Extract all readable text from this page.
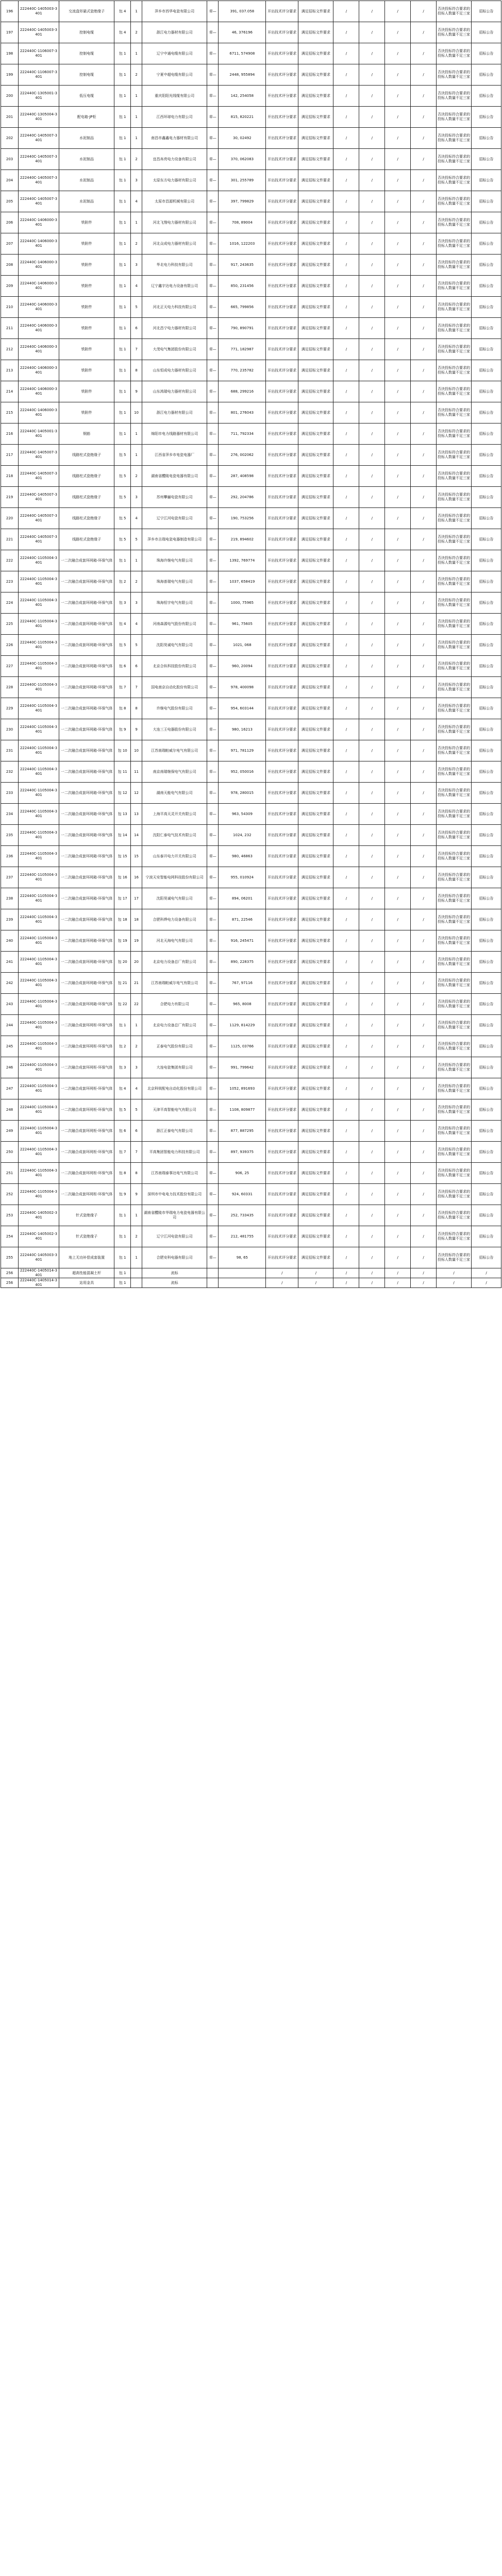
196	222440C-1405003-3401	交流盘形悬式瓷绝缘子	包 4	1	萍乡市西华电瓷有限公司	草—	391, 037.058	开出技术评分要求	满足招标文件要求	/	/	/	/	否決投标符合要求的投标人数量不足三家	招标公告
197	222440C-1405003-3401	控制电缆	包 4	2	浙江电力器材有限公司	草—	46, 376196	开出技术评分要求	满足招标文件要求	/	/	/	/	否決投标符合要求的投标人数量不足三家	招标公告
198	222440C-1106007-3401	控制电缆	包 1	1	辽宁中通电缆有限公司	草—	6711, 574908	开出技术评分要求	满足招标文件要求	/	/	/	/	否決投标符合要求的投标人数量不足三家	招标公告
199	222440C-1106007-3401	控制电缆	包 1	2	宁夏中超电缆有限公司	草—	2448, 955894	开出技术评分要求	满足招标文件要求	/	/	/	/	否決投标符合要求的投标人数量不足三家	招标公告
200	222440C-1305001-3401	低压电缆	包 1	1	重庆阳阳光线缆有限公司	草—	142, 254058	开出技术评分要求	满足招标文件要求	/	/	/	/	否決投标符合要求的投标人数量不足三家	招标公告
201	222440C-1305004-3401	配电箱-JP柜	包 1	1	江西环球电力有限公司	草—	815, 820221	开出技术评分要求	满足招标文件要求	/	/	/	/	否決投标符合要求的投标人数量不足三家	招标公告
202	222440C-1405007-3401	水泥制品	包 1	1	南昌市鑫鑫电力器材有限公司	草—	30, 02492	开出技术评分要求	满足招标文件要求	/	/	/	/	否決投标符合要求的投标人数量不足三家	招标公告
203	222440C-1405007-3401	水泥制品	包 1	2	宜昌帛亮电力设备有限公司	草—	370, 062083	开出技术评分要求	满足招标文件要求	/	/	/	/	否決投标符合要求的投标人数量不足三家	招标公告
204	222440C-1405007-3401	水泥制品	包 1	3	太原东方电力器材有限公司	草—	301, 255789	开出技术评分要求	满足招标文件要求	/	/	/	/	否決投标符合要求的投标人数量不足三家	招标公告
205	222440C-1405007-3401	水泥制品	包 1	4	太原市昌源机械有限公司	草—	397, 799829	开出技术评分要求	满足招标文件要求	/	/	/	/	否決投标符合要求的投标人数量不足三家	招标公告
206	222440C-1406000-3401	铁附件	包 1	1	河北飞翔电力器材有限公司	草—	708, 89004	开出技术评分要求	满足招标文件要求	/	/	/	/	否決投标符合要求的投标人数量不足三家	招标公告
207	222440C-1406000-3401	铁附件	包 1	2	河北众成电力器材有限公司	草—	1016, 122203	开出技术评分要求	满足招标文件要求	/	/	/	/	否決投标符合要求的投标人数量不足三家	招标公告
208	222440C-1406000-3401	铁附件	包 1	3	华北电力科技有限公司	草—	917, 243635	开出技术评分要求	满足招标文件要求	/	/	/	/	否決投标符合要求的投标人数量不足三家	招标公告
209	222440C-1406000-3401	铁附件	包 1	4	辽宁鑫宇达电力设备有限公司	草—	850, 231456	开出技术评分要求	满足招标文件要求	/	/	/	/	否決投标符合要求的投标人数量不足三家	招标公告
210	222440C-1406000-3401	铁附件	包 1	5	河北正天电力科技有限公司	草—	665, 799856	开出技术评分要求	满足招标文件要求	/	/	/	/	否決投标符合要求的投标人数量不足三家	招标公告
211	222440C-1406000-3401	铁附件	包 1	6	河北昌宁电力器材有限公司	草—	790, 890791	开出技术评分要求	满足招标文件要求	/	/	/	/	否決投标符合要求的投标人数量不足三家	招标公告
212	222440C-1406000-3401	铁附件	包 1	7	大茂电气集团股份有限公司	草—	771, 182987	开出技术评分要求	满足招标文件要求	/	/	/	/	否決投标符合要求的投标人数量不足三家	招标公告
213	222440C-1406000-3401	铁附件	包 1	8	山东恒成电力器材有限公司	草—	770, 235782	开出技术评分要求	满足招标文件要求	/	/	/	/	否決投标符合要求的投标人数量不足三家	招标公告
214	222440C-1406000-3401	铁附件	包 1	9	山东鸿瑞电力器材有限公司	草—	688, 299216	开出技术评分要求	满足招标文件要求	/	/	/	/	否決投标符合要求的投标人数量不足三家	招标公告
215	222440C-1406000-3401	铁附件	包 1	10	浙江电力器材有限公司	草—	801, 276043	开出技术评分要求	满足招标文件要求	/	/	/	/	否決投标符合要求的投标人数量不足三家	招标公告
216	222440C-1405001-3401	钢筋	包 1	1	绵阳市电力线路器材有限公司	草—	711, 792334	开出技术评分要求	满足招标文件要求	/	/	/	/	否決投标符合要求的投标人数量不足三家	招标公告
217	222440C-1405007-3401	线路柱式瓷绝缘子	包 5	1	江西省萍乡市电瓷电器厂	草—	276, 002062	开出技术评分要求	满足招标文件要求	/	/	/	/	否決投标符合要求的投标人数量不足三家	招标公告
218	222440C-1405007-3401	线路柱式瓷绝缘子	包 5	2	湖南省醴陵电瓷电器有限公司	草—	287, 408598	开出技术评分要求	满足招标文件要求	/	/	/	/	否決投标符合要求的投标人数量不足三家	招标公告
219	222440C-1405007-3401	线路柱式瓷绝缘子	包 5	3	苏州攀骊电瓷有限公司	草—	292, 204786	开出技术评分要求	满足招标文件要求	/	/	/	/	否決投标符合要求的投标人数量不足三家	招标公告
220	222440C-1405007-3401	线路柱式瓷绝缘子	包 5	4	辽宁江河电瓷有限公司	草—	190, 753256	开出技术评分要求	满足招标文件要求	/	/	/	/	否決投标符合要求的投标人数量不足三家	招标公告
221	222440C-1405007-3401	线路柱式瓷绝缘子	包 5	5	萍乡市吉瑞电瓷电器制造有限公司	草—	219, 894602	开出技术评分要求	满足招标文件要求	/	/	/	/	否決投标符合要求的投标人数量不足三家	招标公告
222	222440C-1105004-3401	一二次融合成套环网箱-环保气体	包 1	1	珠海许继电气有限公司	草—	1392, 769774	开出技术评分要求	满足招标文件要求	/	/	/	/	否決投标符合要求的投标人数量不足三家	招标公告
223	222440C-1105004-3401	一二次融合成套环网箱-环保气体	包 2	2	珠海普瑞电气有限公司	草—	1037, 658419	开出技术评分要求	满足招标文件要求	/	/	/	/	否決投标符合要求的投标人数量不足三家	招标公告
224	222440C-1105004-3401	一二次融合成套环网箱-环保气体	包 3	3	珠海恒宇电气有限公司	草—	1000, 75965	开出技术评分要求	满足招标文件要求	/	/	/	/	否決投标符合要求的投标人数量不足三家	招标公告
225	222440C-1105004-3401	一二次融合成套环网箱-环保气体	包 4	4	河南森源电气股份有限公司	草—	961, 75605	开出技术评分要求	满足招标文件要求	/	/	/	/	否決投标符合要求的投标人数量不足三家	招标公告
226	222440C-1105004-3401	一二次融合成套环网箱-环保气体	包 5	5	沈阳昊诚电气有限公司	草—	1021, 068	开出技术评分要求	满足招标文件要求	/	/	/	/	否決投标符合要求的投标人数量不足三家	招标公告
227	222440C-1105004-3401	一二次融合成套环网箱-环保气体	包 6	6	北京合纵科技股份有限公司	草—	960, 20094	开出技术评分要求	满足招标文件要求	/	/	/	/	否決投标符合要求的投标人数量不足三家	招标公告
228	222440C-1105004-3401	一二次融合成套环网箱-环保气体	包 7	7	国电南京自动化股份有限公司	草—	978, 400098	开出技术评分要求	满足招标文件要求	/	/	/	/	否決投标符合要求的投标人数量不足三家	招标公告
229	222440C-1105004-3401	一二次融合成套环网箱-环保气体	包 8	8	许继电气股份有限公司	草—	954, 603144	开出技术评分要求	满足招标文件要求	/	/	/	/	否決投标符合要求的投标人数量不足三家	招标公告
230	222440C-1105004-3401	一二次融合成套环网箱-环保气体	包 9	9	大连三王电器股份有限公司	草—	980, 16213	开出技术评分要求	满足招标文件要求	/	/	/	/	否決投标符合要求的投标人数量不足三家	招标公告
231	222440C-1105004-3401	一二次融合成套环网箱-环保气体	包 10	10	江苏南瑞帕威尔电气有限公司	草—	971, 781129	开出技术评分要求	满足招标文件要求	/	/	/	/	否決投标符合要求的投标人数量不足三家	招标公告
232	222440C-1105004-3401	一二次融合成套环网箱-环保气体	包 11	11	南京南瑞继保电气有限公司	草—	952, 050016	开出技术评分要求	满足招标文件要求	/	/	/	/	否決投标符合要求的投标人数量不足三家	招标公告
233	222440C-1105004-3401	一二次融合成套环网箱-环保气体	包 12	12	湖南天能电气有限公司	草—	978, 280015	开出技术评分要求	满足招标文件要求	/	/	/	/	否決投标符合要求的投标人数量不足三家	招标公告
234	222440C-1105004-3401	一二次融合成套环网箱-环保气体	包 13	13	上海平高天灵开关有限公司	草—	963, 54309	开出技术评分要求	满足招标文件要求	/	/	/	/	否決投标符合要求的投标人数量不足三家	招标公告
235	222440C-1105004-3401	一二次融合成套环网箱-环保气体	包 14	14	沈阳仁泰电气技术有限公司	草—	1024, 232	开出技术评分要求	满足招标文件要求	/	/	/	/	否決投标符合要求的投标人数量不足三家	招标公告
236	222440C-1105004-3401	一二次融合成套环网箱-环保气体	包 15	15	山东泰开电力开关有限公司	草—	980, 46863	开出技术评分要求	满足招标文件要求	/	/	/	/	否決投标符合要求的投标人数量不足三家	招标公告
237	222440C-1105004-3401	一二次融合成套环网箱-环保气体	包 16	16	宁波天安智能电网科技股份有限公司	草—	955, 010924	开出技术评分要求	满足招标文件要求	/	/	/	/	否決投标符合要求的投标人数量不足三家	招标公告
238	222440C-1105004-3401	一二次融合成套环网箱-环保气体	包 17	17	沈阳昊诚电气有限公司	草—	894, 06201	开出技术评分要求	满足招标文件要求	/	/	/	/	否決投标符合要求的投标人数量不足三家	招标公告
239	222440C-1105004-3401	一二次融合成套环网箱-环保气体	包 18	18	合肥科烨电力设备有限公司	草—	871, 22546	开出技术评分要求	满足招标文件要求	/	/	/	/	否決投标符合要求的投标人数量不足三家	招标公告
240	222440C-1105004-3401	一二次融合成套环网箱-环保气体	包 19	19	河北天海电气有限公司	草—	916, 245471	开出技术评分要求	满足招标文件要求	/	/	/	/	否決投标符合要求的投标人数量不足三家	招标公告
241	222440C-1105004-3401	一二次融合成套环网箱-环保气体	包 20	20	北京电力设备总厂有限公司	草—	890, 228375	开出技术评分要求	满足招标文件要求	/	/	/	/	否決投标符合要求的投标人数量不足三家	招标公告
242	222440C-1105004-3401	一二次融合成套环网箱-环保气体	包 21	21	江苏南瑞帕威尔电气有限公司	草—	767, 97116	开出技术评分要求	满足招标文件要求	/	/	/	/	否決投标符合要求的投标人数量不足三家	招标公告
243	222440C-1105004-3401	一二次融合成套环网箱-环保气体	包 22	22	合肥电力有限公司	草—	965, 8008	开出技术评分要求	满足招标文件要求	/	/	/	/	否決投标符合要求的投标人数量不足三家	招标公告
244	222440C-1105004-3401	一二次融合成套环网柜-环保气体	包 1	1	北京电力设备总厂有限公司	草—	1129, 814229	开出技术评分要求	满足招标文件要求	/	/	/	/	否決投标符合要求的投标人数量不足三家	招标公告
245	222440C-1105004-3401	一二次融合成套环网柜-环保气体	包 2	2	正泰电气股份有限公司	草—	1125, 03766	开出技术评分要求	满足招标文件要求	/	/	/	/	否決投标符合要求的投标人数量不足三家	招标公告
246	222440C-1105004-3401	一二次融合成套环网柜-环保气体	包 3	3	大连电瓷集团有限公司	草—	991, 799642	开出技术评分要求	满足招标文件要求	/	/	/	/	否決投标符合要求的投标人数量不足三家	招标公告
247	222440C-1105004-3401	一二次融合成套环网柜-环保气体	包 4	4	北京科锐配电自动化股份有限公司	草—	1052, 891693	开出技术评分要求	满足招标文件要求	/	/	/	/	否決投标符合要求的投标人数量不足三家	招标公告
248	222440C-1105004-3401	一二次融合成套环网柜-环保气体	包 5	5	天津平高智能电气有限公司	草—	1108, 809877	开出技术评分要求	满足招标文件要求	/	/	/	/	否決投标符合要求的投标人数量不足三家	招标公告
249	222440C-1105004-3401	一二次融合成套环网柜-环保气体	包 6	6	浙江正泰电气有限公司	草—	877, 887295	开出技术评分要求	满足招标文件要求	/	/	/	/	否決投标符合要求的投标人数量不足三家	招标公告
250	222440C-1105004-3401	一二次融合成套环网柜-环保气体	包 7	7	平高集团智能电力科技有限公司	草—	897, 939375	开出技术评分要求	满足招标文件要求	/	/	/	/	否決投标符合要求的投标人数量不足三家	招标公告
251	222440C-1105004-3401	一二次融合成套环网柜-环保气体	包 8	8	江苏南瑞泰事达电气有限公司	草—	906, 25	开出技术评分要求	满足招标文件要求	/	/	/	/	否決投标符合要求的投标人数量不足三家	招标公告
252	222440C-1105004-3401	一二次融合成套环网柜-环保气体	包 9	9	深圳市中电电力技术股份有限公司	草—	924, 60331	开出技术评分要求	满足招标文件要求	/	/	/	/	否決投标符合要求的投标人数量不足三家	招标公告
253	222440C-1405002-3401	针式瓷绝缘子	包 1	1	湖南省醴陵市华瑞电力电瓷电器有限公司	草—	252, 733435	开出技术评分要求	满足招标文件要求	/	/	/	/	否決投标符合要求的投标人数量不足三家	招标公告
254	222440C-1405002-3401	针式瓷绝缘子	包 1	2	辽宁江河电瓷有限公司	草—	212, 481755	开出技术评分要求	满足招标文件要求	/	/	/	/	否決投标符合要求的投标人数量不足三家	招标公告
255	222440C-1405003-3401	地上无功补偿成套装置	包 1	1	合肥安科电器有限公司	草—	98, 65	开出技术评分要求	满足招标文件要求	/	/	/	/	否決投标符合要求的投标人数量不足三家	招标公告
256	222440C-1405014-3401	超高性能混凝土杆	包 1		流标			/	/	/	/	/	/	/	/
256	222440C-1405014-3401	站用金具	包 1		流标			/	/	/	/	/	/	/	/
